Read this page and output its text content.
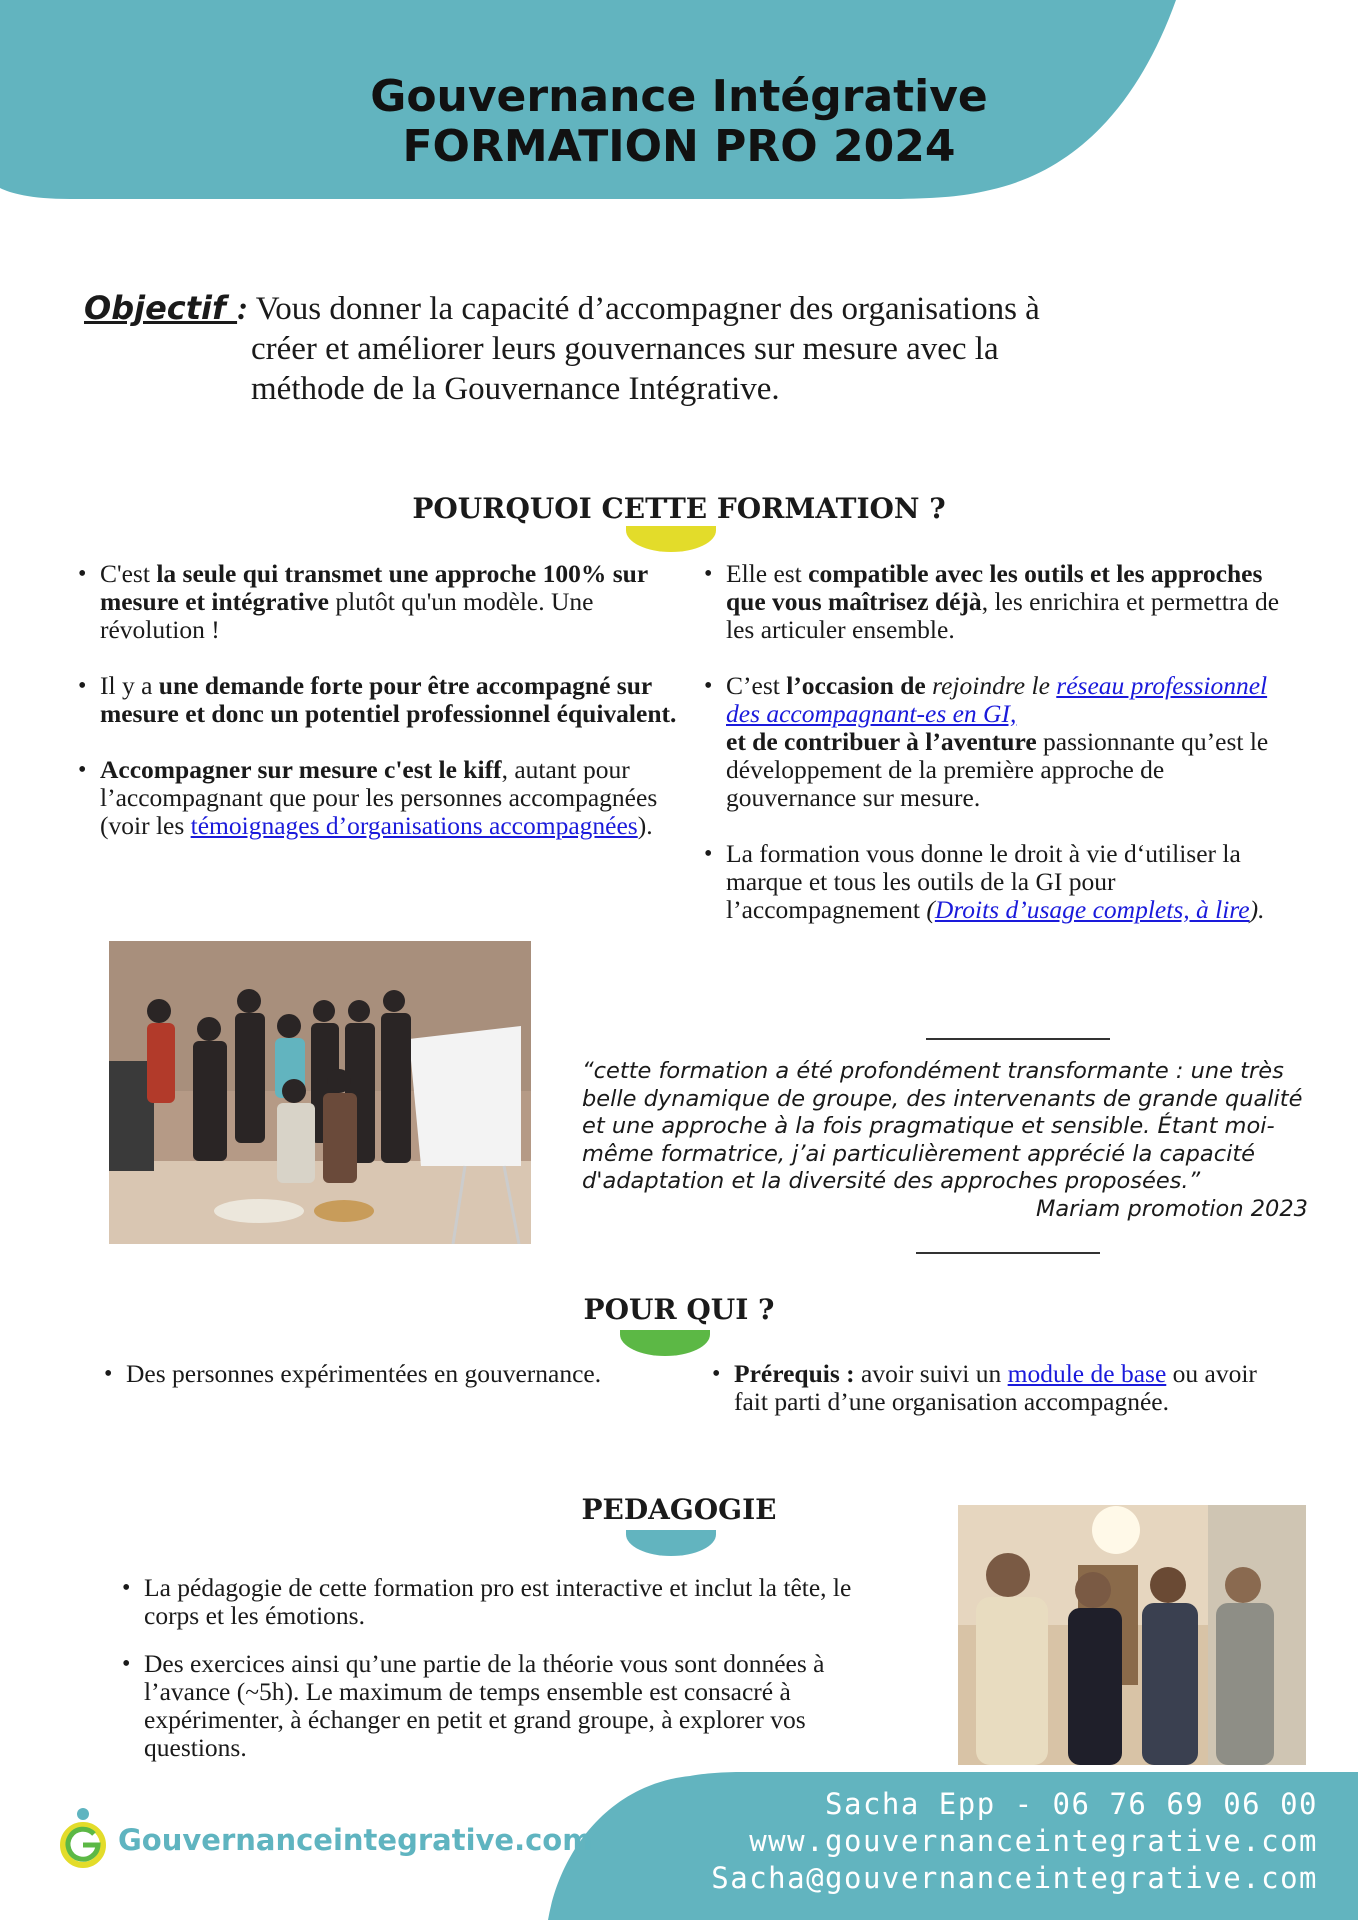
Gouvernance Intégrative
FORMATION PRO 2024
Objectif : Vous donner la capacité d’accompagner des organisations à
créer et améliorer leurs gouvernances sur mesure avec la
méthode de la Gouvernance Intégrative.
POURQUOI CETTE FORMATION ?
• C'est la seule qui transmet une approche 100% sur mesure et intégrative plutôt qu'un modèle. Une révolution !
• Il y a une demande forte pour être accompagné sur mesure et donc un potentiel professionnel équivalent.
• Accompagner sur mesure c'est le kiff, autant pour l’accompagnant que pour les personnes accompagnées (voir les témoignages d’organisations accompagnées).
• Elle est compatible avec les outils et les approches que vous maîtrisez déjà, les enrichira et permettra de les articuler ensemble.
• C’est l’occasion de rejoindre le réseau professionnel des accompagnant-es en GI,
et de contribuer à l’aventure passionnante qu’est le développement de la première approche de gouvernance sur mesure.
• La formation vous donne le droit à vie d‘utiliser la marque et tous les outils de la GI pour l’accompagnement (Droits d’usage complets, à lire).
“cette formation a été profondément transformante : une très belle dynamique de groupe, des intervenants de grande qualité et une approche à la fois pragmatique et sensible. Étant moi-même formatrice, j’ai particulièrement apprécié la capacité d'adaptation et la diversité des approches proposées.”
Mariam promotion 2023
POUR QUI ?
• Des personnes expérimentées en gouvernance.
•	Prérequis : avoir suivi un module de base ou avoir fait parti d’une organisation accompagnée.
PEDAGOGIE
• La pédagogie de cette formation pro est interactive et inclut la tête, le corps et les émotions.
• Des exercices ainsi qu’une partie de la théorie vous sont données à l’avance (~5h). Le maximum de temps ensemble est consacré à expérimenter, à échanger en petit et grand groupe, à explorer vos questions.
Gouvernanceintegrative.com
Sacha Epp - 06 76 69 06 00
www.gouvernanceintegrative.com
Sacha@gouvernanceintegrative.com
